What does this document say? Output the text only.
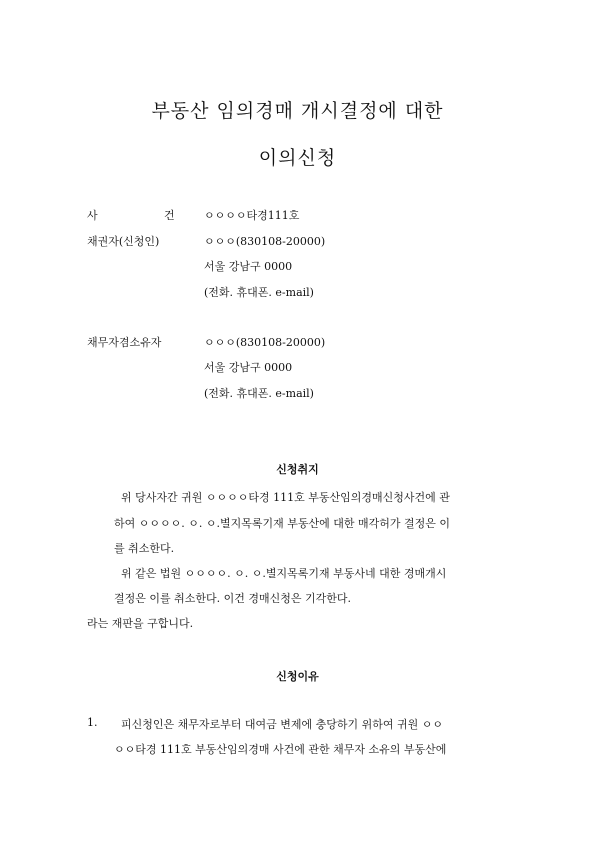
부동산 임의경매 개시결정에 대한
이의신청
사	건	ㅇㅇㅇㅇ타경111호
채권자(신청인)	ㅇㅇㅇ(830108-20000)
서울 강남구 0000
(전화. 휴대폰. e-mail)
채무자겸소유자	ㅇㅇㅇ(830108-20000)
서울 강남구 0000
(전화. 휴대폰. e-mail)
신청취지
위 당사자간 귀원 ㅇㅇㅇㅇ타경 111호 부동산임의경매신청사건에 관
하여 ㅇㅇㅇㅇ. ㅇ. ㅇ.별지목록기재 부동산에 대한 매각허가 결정은 이
를 취소한다.
위 같은 법원 ㅇㅇㅇㅇ. ㅇ. ㅇ.별지목록기재 부동사네 대한 경매개시
결정은 이를 취소한다. 이건 경매신청은 기각한다.
라는 재판을 구합니다.
신청이유
1. 피신청인은 채무자로부터 대여금 변제에 충당하기 위하여 귀원 ㅇㅇ
ㅇㅇ타경 111호 부동산임의경매 사건에 관한 채무자 소유의 부동산에
